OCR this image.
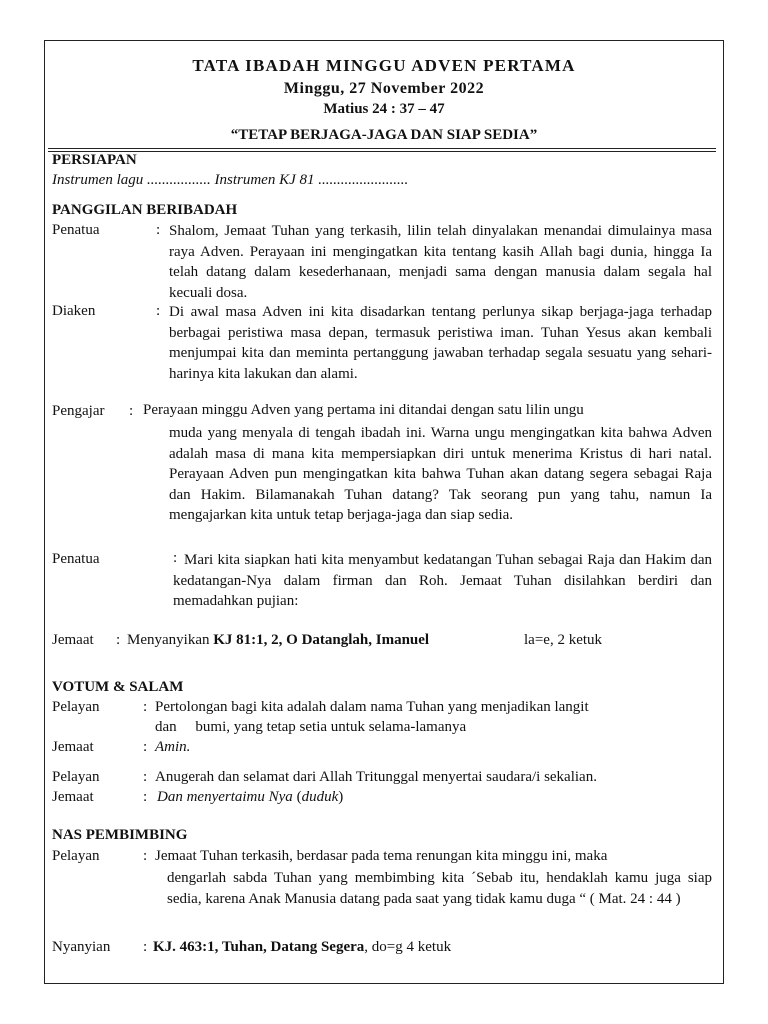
TATA IBADAH MINGGU ADVEN PERTAMA
Minggu, 27 November 2022
Matius 24 : 37 – 47
“TETAP BERJAGA-JAGA DAN SIAP SEDIA”
PERSIAPAN
Instrumen lagu ................. Instrumen KJ 81 ........................
PANGGILAN BERIBADAH
Penatua	: Shalom, Jemaat Tuhan yang terkasih, lilin telah dinyalakan menandai dimulainya masa raya Adven. Perayaan ini mengingatkan kita tentang kasih Allah bagi dunia, hingga Ia telah datang dalam kesederhanaan, menjadi sama dengan manusia dalam segala hal kecuali dosa.
Diaken	: Di awal masa Adven ini kita disadarkan tentang perlunya sikap berjaga-jaga terhadap berbagai peristiwa masa depan, termasuk peristiwa iman. Tuhan Yesus akan kembali menjumpai kita dan meminta pertanggung jawaban terhadap segala sesuatu yang sehari-harinya kita lakukan dan alami.
Pengajar : Perayaan minggu Adven yang pertama ini ditandai dengan satu lilin ungu
muda yang menyala di tengah ibadah ini. Warna ungu mengingatkan kita bahwa Adven adalah masa di mana kita mempersiapkan diri untuk menerima Kristus di hari natal. Perayaan Adven pun mengingatkan kita bahwa Tuhan akan datang segera sebagai Raja dan Hakim. Bilamanakah Tuhan datang? Tak seorang pun yang tahu, namun Ia mengajarkan kita untuk tetap berjaga-jaga dan siap sedia.
Penatua	: Mari kita siapkan hati kita menyambut kedatangan Tuhan sebagai Raja dan Hakim dan kedatangan-Nya dalam firman dan Roh. Jemaat Tuhan disilahkan berdiri dan memadahkan pujian:
Jemaat : Menyanyikan KJ 81:1, 2, O Datanglah, Imanuel	la=e, 2 ketuk
VOTUM & SALAM
Pelayan	: Pertolongan bagi kita adalah dalam nama Tuhan yang menjadikan langit
dan     bumi, yang tetap setia untuk selama-lamanya
Jemaat	: Amin.
Pelayan	: Anugerah dan selamat dari Allah Tritunggal menyertai saudara/i sekalian.
Jemaat	: Dan menyertaimu Nya (duduk)
NAS PEMBIMBING
Pelayan	: Jemaat Tuhan terkasih, berdasar pada tema renungan kita minggu ini, maka
dengarlah sabda Tuhan yang membimbing kita ´Sebab itu, hendaklah kamu juga siap sedia, karena Anak Manusia datang pada saat yang tidak kamu duga “ ( Mat. 24 : 44 )
Nyanyian : KJ. 463:1, Tuhan, Datang Segera, do=g 4 ketuk
